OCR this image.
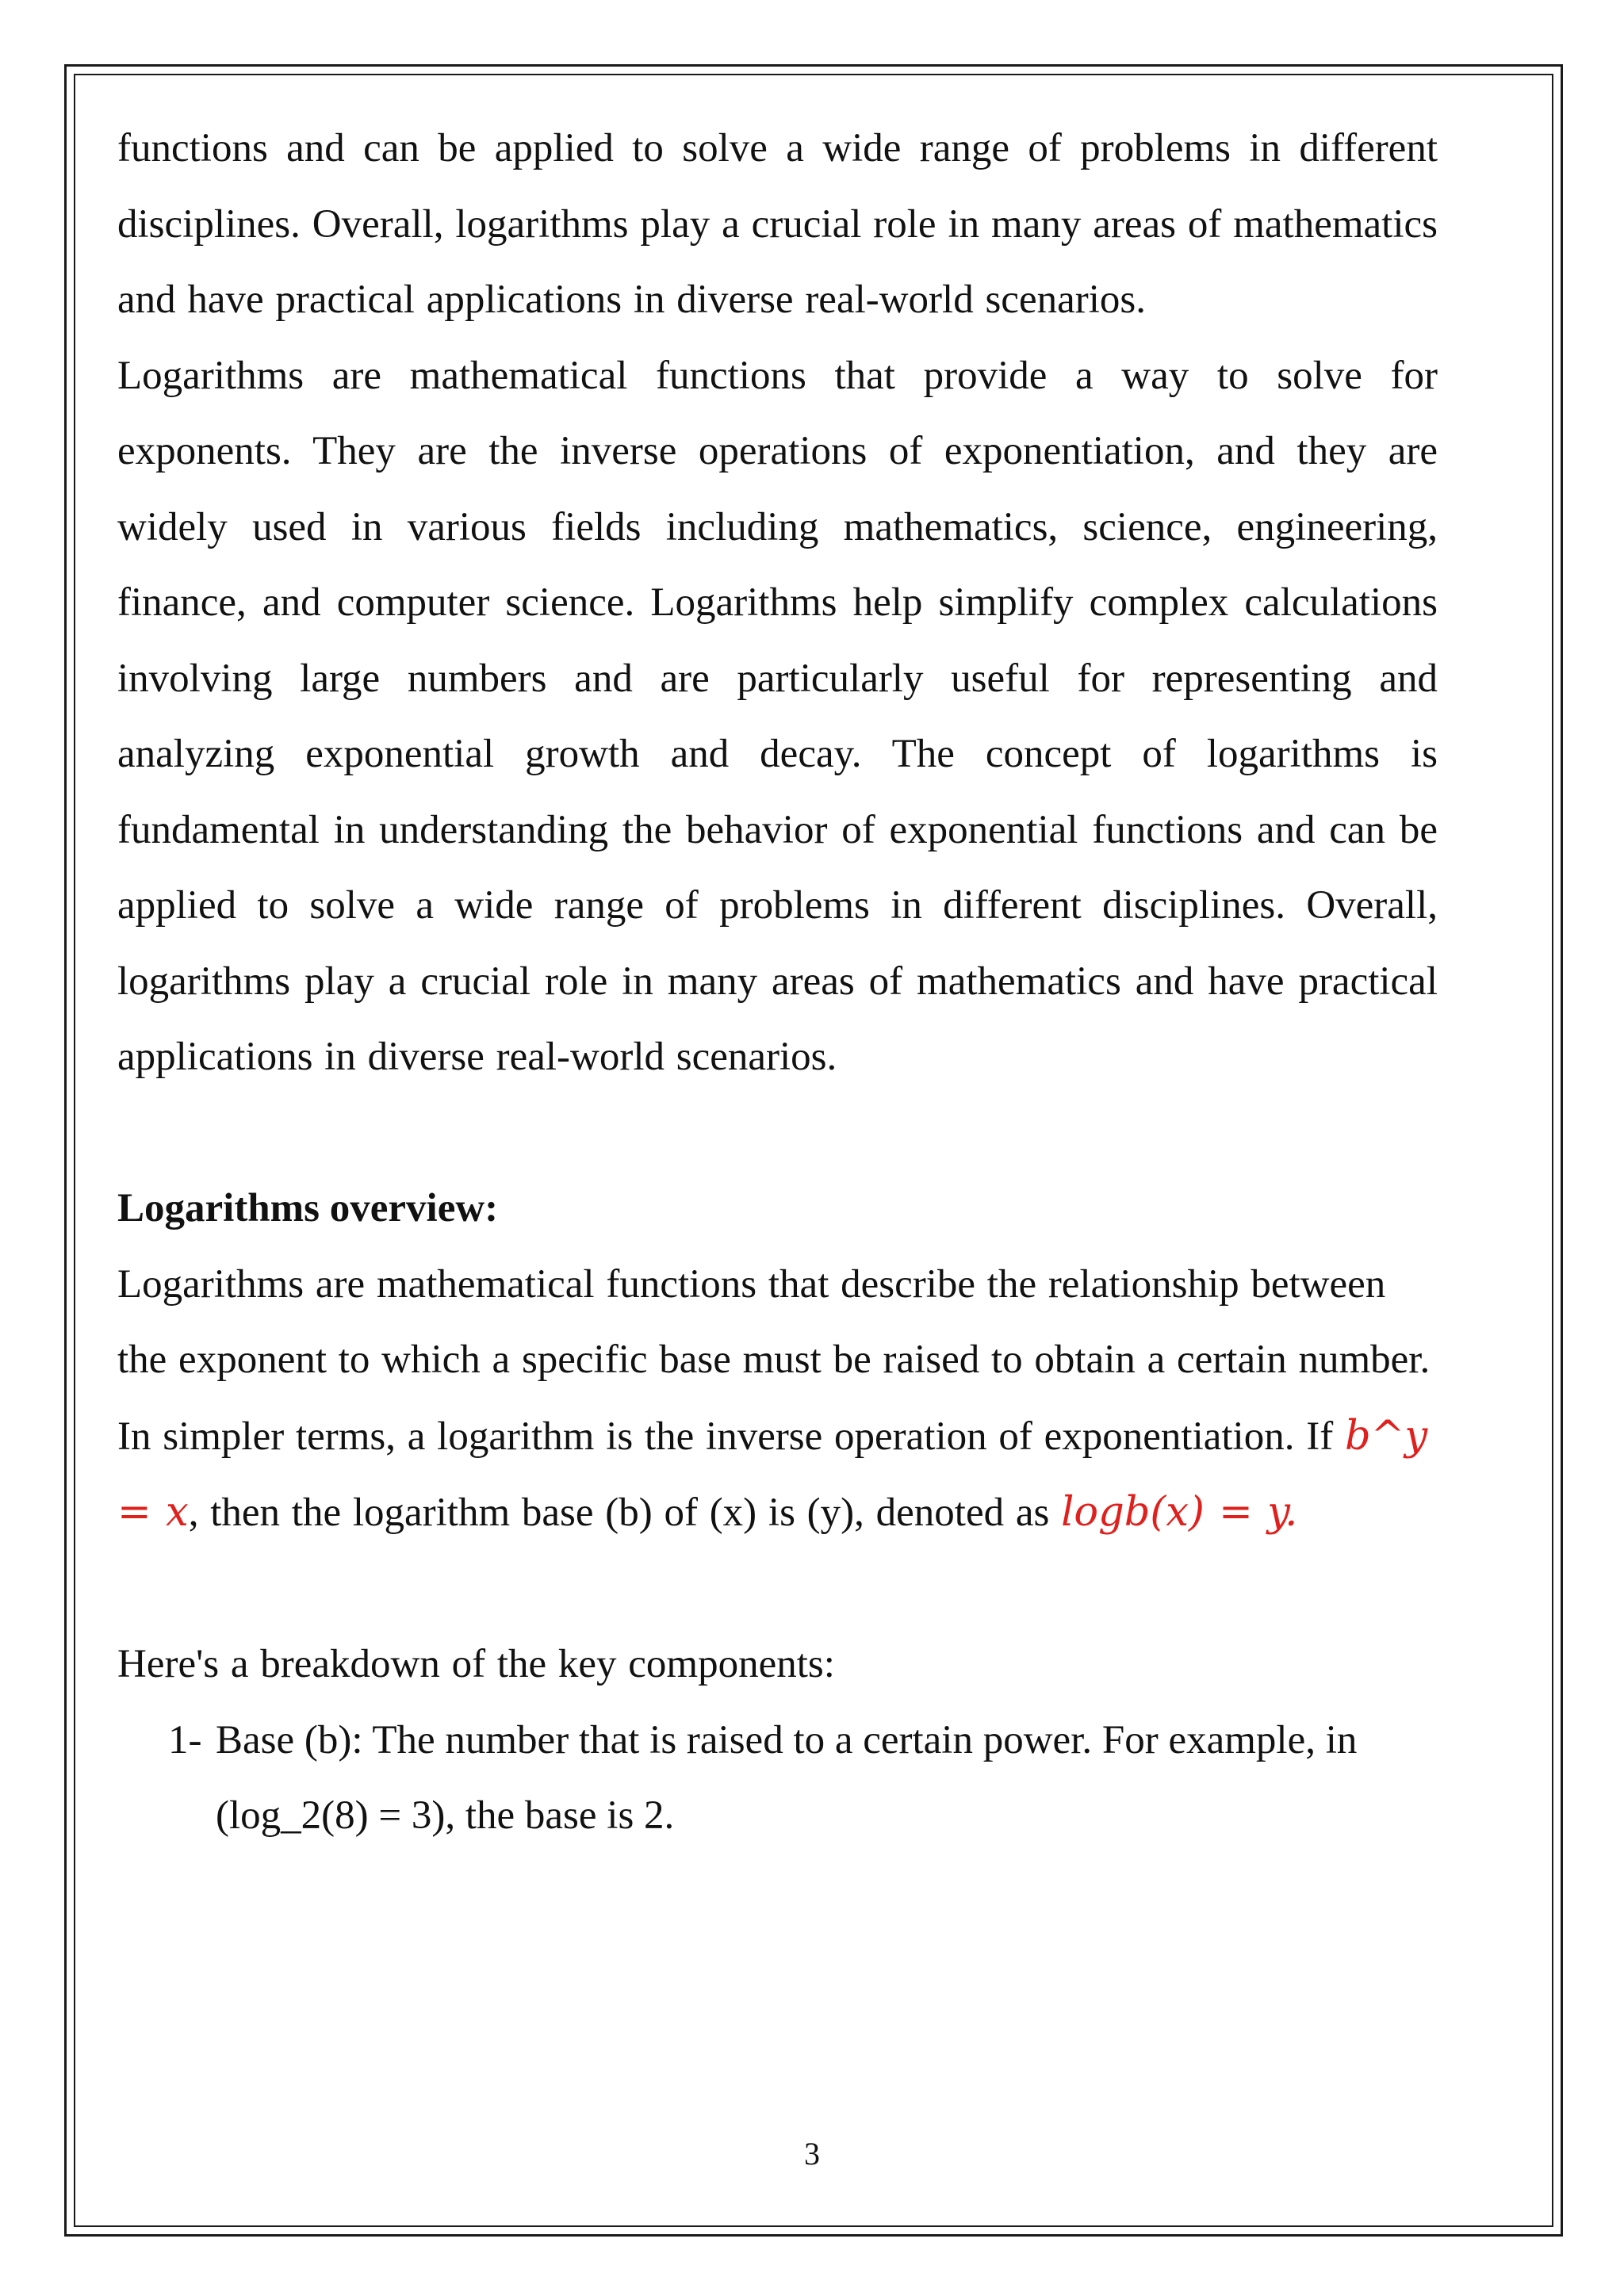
functions and can be applied to solve a wide range of problems in different disciplines. Overall, logarithms play a crucial role in many areas of mathematics and have practical applications in diverse real-world scenarios.

Logarithms are mathematical functions that provide a way to solve for exponents. They are the inverse operations of exponentiation, and they are widely used in various fields including mathematics, science, engineering, finance, and computer science. Logarithms help simplify complex calculations involving large numbers and are particularly useful for representing and analyzing exponential growth and decay. The concept of logarithms is fundamental in understanding the behavior of exponential functions and can be applied to solve a wide range of problems in different disciplines. Overall, logarithms play a crucial role in many areas of mathematics and have practical applications in diverse real-world scenarios.

Logarithms overview:

Logarithms are mathematical functions that describe the relationship between the exponent to which a specific base must be raised to obtain a certain number. In simpler terms, a logarithm is the inverse operation of exponentiation. If b^y = x, then the logarithm base (b) of (x) is (y), denoted as logb(x) = y.

Here's a breakdown of the key components:

1- Base (b): The number that is raised to a certain power. For example, in (log_2(8) = 3), the base is 2.
3
